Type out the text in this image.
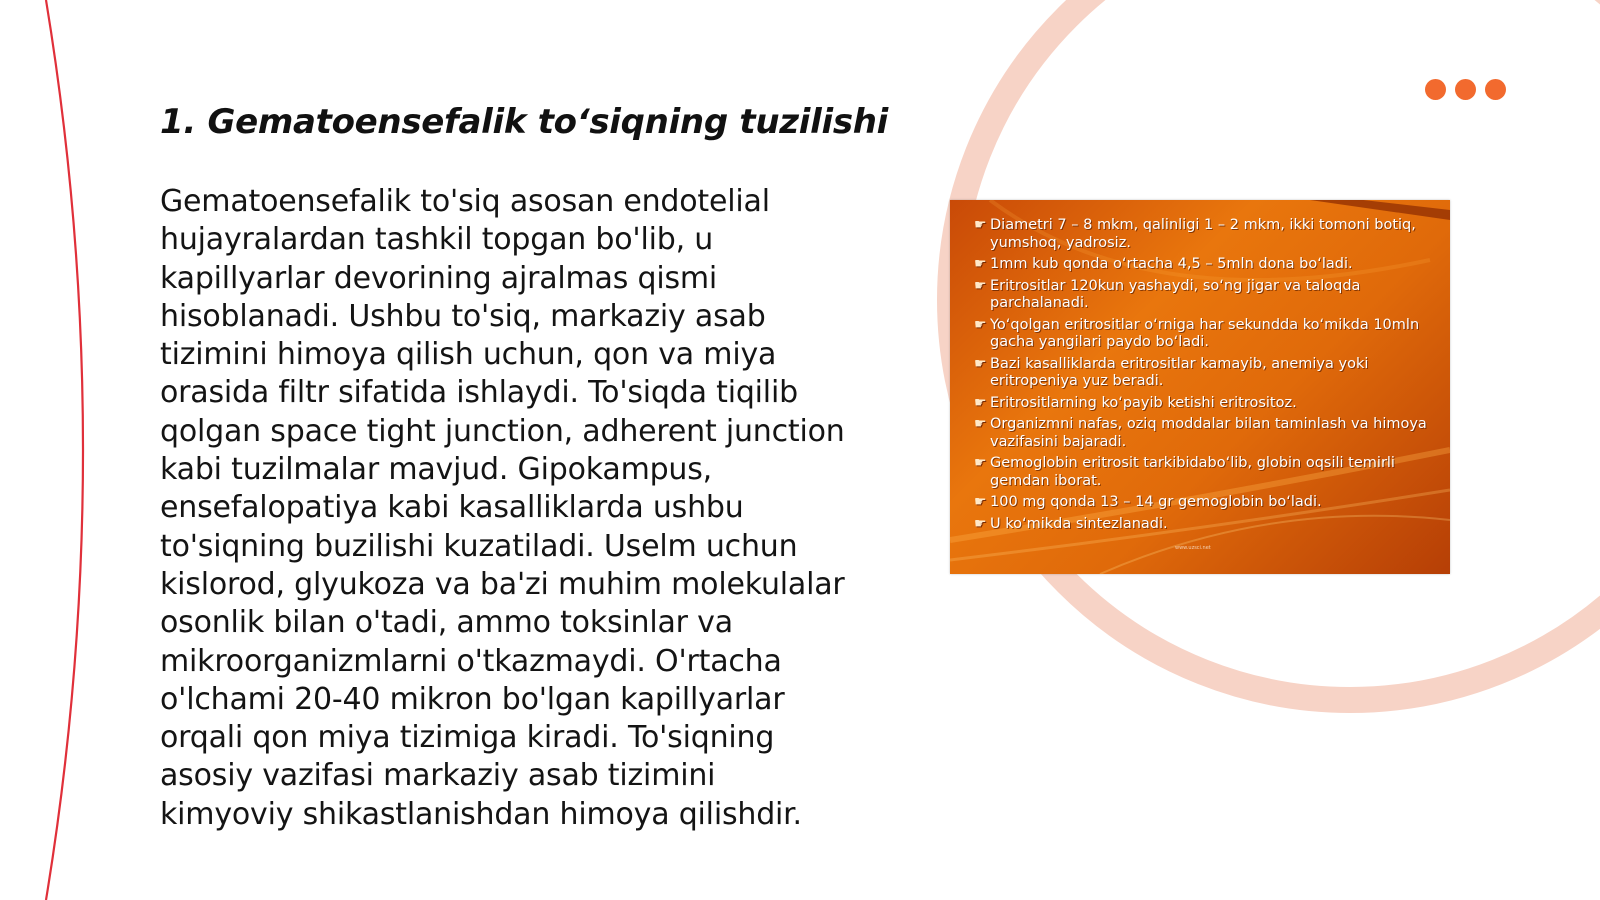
1. Gematoensefalik to‘siqning tuzilishi

Gematoensefalik to'siq asosan endotelial hujayralardan tashkil topgan bo'lib, u kapillyarlar devorining ajralmas qismi hisoblanadi. Ushbu to'siq, markaziy asab tizimini himoya qilish uchun, qon va miya orasida filtr sifatida ishlaydi. To'siqda tiqilib qolgan space tight junction, adherent junction kabi tuzilmalar mavjud. Gipokampus, ensefalopatiya kabi kasalliklarda ushbu to'siqning buzilishi kuzatiladi. Uselm uchun kislorod, glyukoza va ba'zi muhim molekulalar osonlik bilan o'tadi, ammo toksinlar va mikroorganizmlarni o'tkazmaydi. O'rtacha o'lchami 20-40 mikron bo'lgan kapillyarlar orqali qon miya tizimiga kiradi. To'siqning asosiy vazifasi markaziy asab tizimini kimyoviy shikastlanishdan himoya qilishdir.

☛ Diametri 7 – 8 mkm, qalinligi 1 – 2 mkm, ikki tomoni botiq, yumshoq, yadrosiz.
☛ 1mm kub qonda o‘rtacha 4,5 – 5mln dona bo‘ladi.
☛ Eritrositlar 120kun yashaydi, so‘ng jigar va taloqda parchalanadi.
☛ Yo‘qolgan eritrositlar o‘rniga har sekundda ko‘mikda 10mln gacha yangilari paydo bo‘ladi.
☛ Bazi kasalliklarda eritrositlar kamayib, anemiya yoki eritropeniya yuz beradi.
☛ Eritrositlarning ko‘payib ketishi eritrositoz.
☛ Organizmni nafas, oziq moddalar bilan taminlash va himoya vazifasini bajaradi.
☛ Gemoglobin eritrosit tarkibidabo‘lib, globin oqsili temirli gemdan iborat.
☛ 100 mg qonda 13 – 14 gr gemoglobin bo‘ladi.
☛ U ko‘mikda sintezlanadi.
www.uzsci.net
